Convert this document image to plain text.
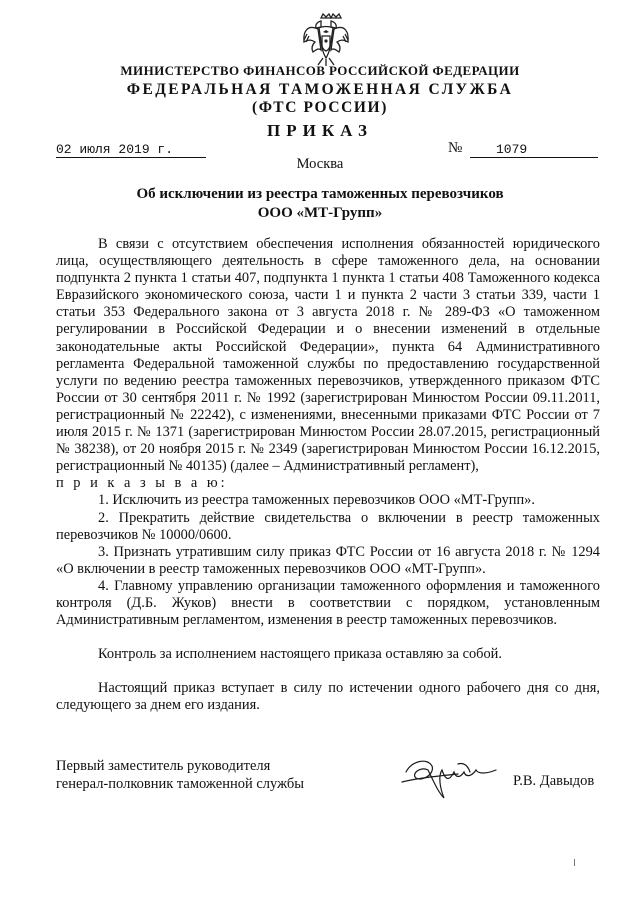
МИНИСТЕРСТВО ФИНАНСОВ РОССИЙСКОЙ ФЕДЕРАЦИИ
ФЕДЕРАЛЬНАЯ ТАМОЖЕННАЯ СЛУЖБА
(ФТС РОССИИ)
ПРИКАЗ
02 июля 2019 г.	№	1079
Москва
Об исключении из реестра таможенных перевозчиков
ООО «МТ-Групп»

В связи с отсутствием обеспечения исполнения обязанностей юридического лица, осуществляющего деятельность в сфере таможенного дела, на основании подпункта 2 пункта 1 статьи 407, подпункта 1 пункта 1 статьи 408 Таможенного кодекса Евразийского экономического союза, части 1 и пункта 2 части 3 статьи 339, части 1 статьи 353 Федерального закона от 3 августа 2018 г. № 289-ФЗ «О таможенном регулировании в Российской Федерации и о внесении изменений в отдельные законодательные акты Российской Федерации», пункта 64 Административного регламента Федеральной таможенной службы по предоставлению государственной услуги по ведению реестра таможенных перевозчиков, утвержденного приказом ФТС России от 30 сентября 2011 г. № 1992 (зарегистрирован Минюстом России 09.11.2011, регистрационный № 22242), с изменениями, внесенными приказами ФТС России от 7 июля 2015 г. № 1371 (зарегистрирован Минюстом России 28.07.2015, регистрационный № 38238), от 20 ноября 2015 г. № 2349 (зарегистрирован Минюстом России 16.12.2015, регистрационный № 40135) (далее – Административный регламент),

п р и к а з ы в а ю:

1. Исключить из реестра таможенных перевозчиков ООО «МТ-Групп».

2. Прекратить действие свидетельства о включении в реестр таможенных перевозчиков № 10000/0600.

3. Признать утратившим силу приказ ФТС России от 16 августа 2018 г. № 1294 «О включении в реестр таможенных перевозчиков ООО «МТ-Групп».

4. Главному управлению организации таможенного оформления и таможенного контроля (Д.Б. Жуков) внести в соответствии с порядком, установленным Административным регламентом, изменения в реестр таможенных перевозчиков.

Контроль за исполнением настоящего приказа оставляю за собой.

Настоящий приказ вступает в силу по истечении одного рабочего дня со дня, следующего за днем его издания.

Первый заместитель руководителя
генерал-полковник таможенной службы	Р.В. Давыдов
